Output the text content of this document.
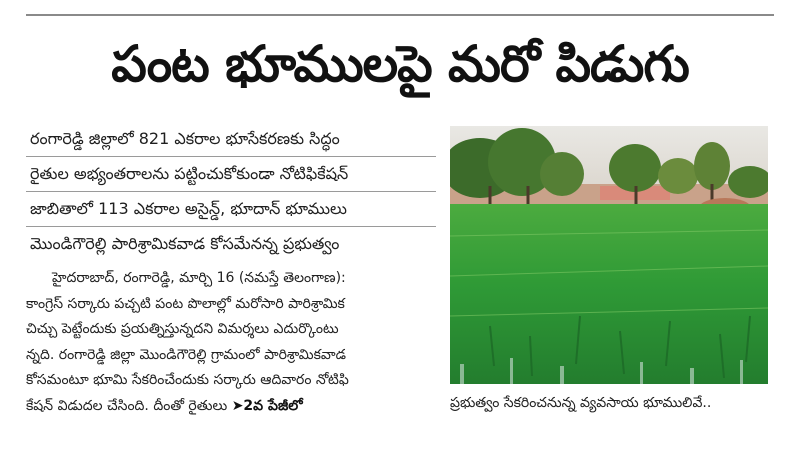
పంట భూములపై మరో పిడుగు
రంగారెడ్డి జిల్లాలో 821 ఎకరాల భూసేకరణకు సిద్ధం
రైతుల అభ్యంతరాలను పట్టించుకోకుండా నోటిఫికేషన్
జాబితాలో 113 ఎకరాల అసైన్డ్‌, భూదాన్‌ భూములు
మొండిగౌరెల్లి పారిశ్రామికవాడ కోసమేనన్న ప్రభుత్వం
హైదరాబాద్‌, రంగారెడ్డి, మార్చి 16 (నమస్తే తెలంగాణ):
కాంగ్రెస్‌ సర్కారు పచ్చటి పంట పొలాల్లో మరోసారి పారిశ్రామిక
చిచ్చు పెట్టేందుకు ప్రయత్నిస్తున్నదని విమర్శలు ఎదుర్కొంటు
న్నది. రంగారెడ్డి జిల్లా మొండిగౌరెల్లి గ్రామంలో పారిశ్రామికవాడ
కోసమంటూ భూమి సేకరించేందుకు సర్కారు ఆదివారం నోటిఫి
కేషన్‌ విడుదల చేసింది. దీంతో రైతులు ➤2వ పేజీలో	ప్రభుత్వం సేకరించనున్న వ్యవసాయ భూములివే..
